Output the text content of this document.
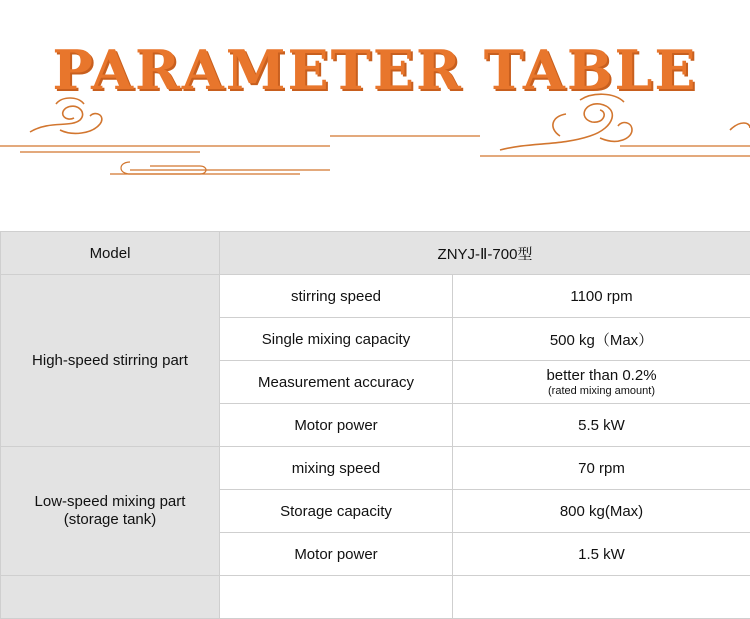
PARAMETER TABLE
Model	ZNYJ-Ⅱ-700型	
High-speed stirring part	stirring speed	1100 rpm
	Single mixing capacity	500 kg（Max）
	Measurement accuracy	better than 0.2%
(rated mixing amount)

	Motor power	5.5 kW

Low-speed mixing part
(storage tank)	mixing speed	70 rpm
	Storage capacity	800 kg(Max)
	Motor power	1.5 kW
